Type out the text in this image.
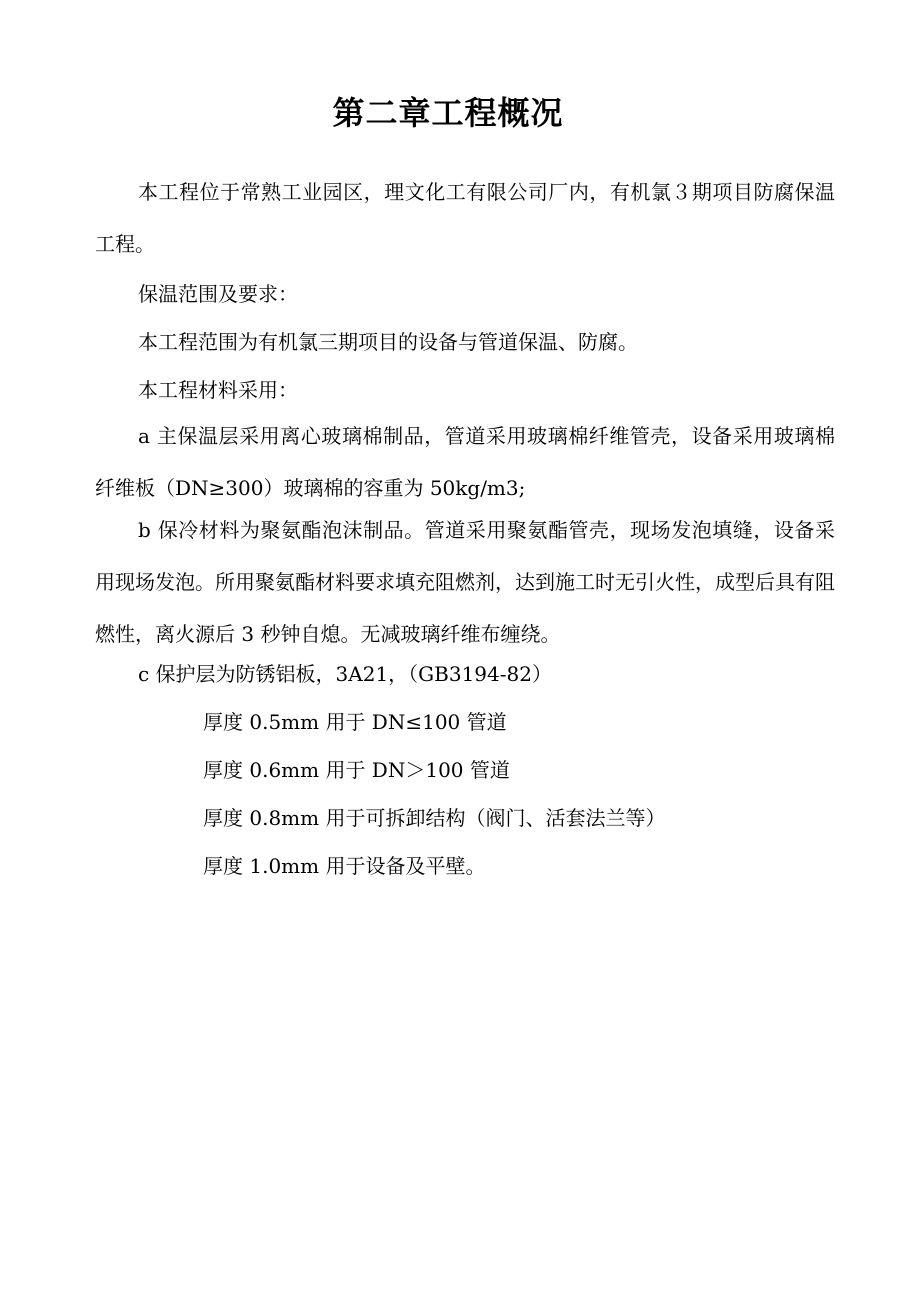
第二章工程概况

本工程位于常熟工业园区，理文化工有限公司厂内，有机氯３期项目防腐保温工程。

保温范围及要求：

本工程范围为有机氯三期项目的设备与管道保温、防腐。

本工程材料采用：

a 主保温层采用离心玻璃棉制品，管道采用玻璃棉纤维管壳，设备采用玻璃棉纤维板（DN≥300）玻璃棉的容重为 50kg/m3;

b 保冷材料为聚氨酯泡沫制品。管道采用聚氨酯管壳，现场发泡填缝，设备采用现场发泡。所用聚氨酯材料要求填充阻燃剂，达到施工时无引火性，成型后具有阻燃性，离火源后 3 秒钟自熄。无减玻璃纤维布缠绕。

c 保护层为防锈铝板，3A21，（GB3194-82）

厚度 0.5mm 用于 DN≤100 管道

厚度 0.6mm 用于 DN＞100 管道

厚度 0.8mm 用于可拆卸结构（阀门、活套法兰等）

厚度 1.0mm 用于设备及平壁。
